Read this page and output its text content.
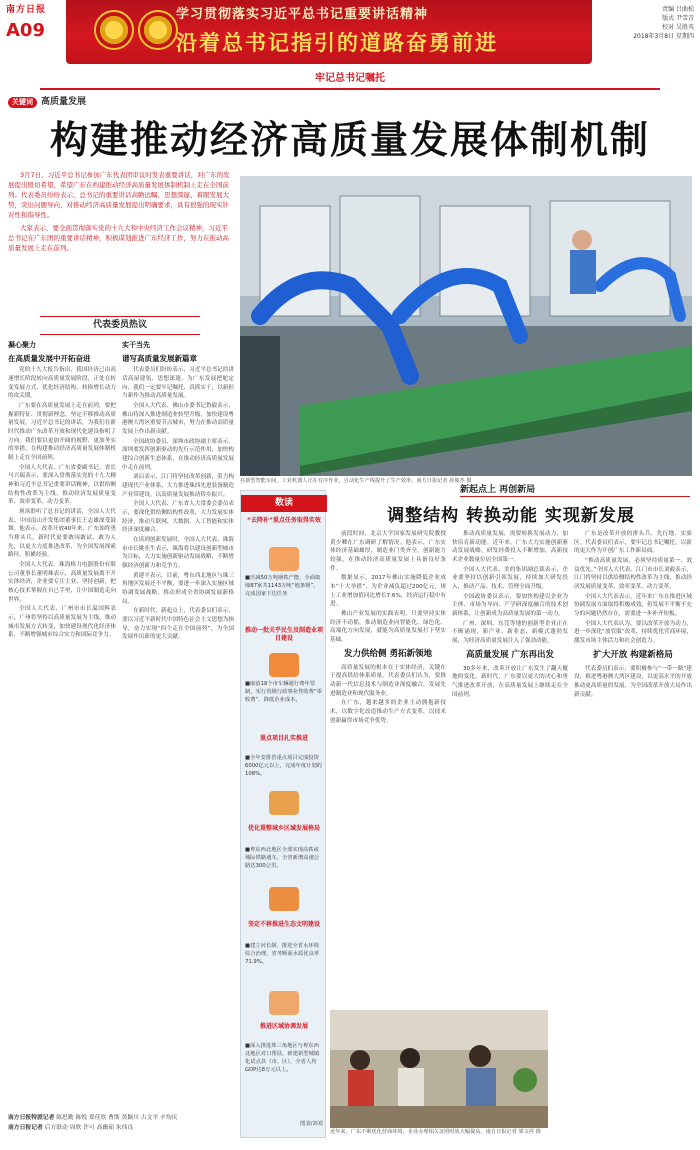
南方日报
A09
学习贯彻落实习近平总书记重要讲话精神
沿着总书记指引的道路奋勇前进
责编 吕曲松
版式 尹雪青
校对 吴胜英
2018年3月8日 星期四
牢记总书记嘱托
关键词 高质量发展
构建推动经济高质量发展体制机制

3月7日，习近平总书记参加广东代表团审议时发表重要讲话，对广东的发展提出殷切希望，希望广东在构建推动经济高质量发展体制机制上走在全国前列。代表委员纷纷表示，总书记的重要讲话高瞻远瞩、思想深邃、着眼发展大势，突出问题导向，对推动经济高质量发展提出明确要求，具有很强的现实针对性和指导性。

大家表示，要全面贯彻落实党的十九大和中央经济工作会议精神，习近平总书记在广东团的重要讲话精神，积极谋划推进广东经济工作，努力在推动高质量发展上走在前列。

代表委员热议
凝心聚力
在高质量发展中开拓奋进

党的十九大报告指出，我国经济已由高速增长阶段转向高质量发展阶段，正处在转变发展方式、优化经济结构、转换增长动力的攻关期。

广东要在高质量发展上走在前列，要把握新特征、贯彻新理念，坚定不移推动高质量发展。习近平总书记的讲话，为我们在新时代推动广东改革开放和现代化建设指明了方向。我们要以更加开阔的视野、更加务实的举措，在构建推动经济高质量发展体制机制上走在全国前列。

全国人大代表、广东省委副书记、省长马兴瑞表示，要深入贯彻落实党的十九大精神和习近平总书记重要讲话精神，以供给侧结构性改革为主线，推动经济发展质量变革、效率变革、动力变革。

现场聆听了总书记的讲话，全国人大代表、中国南山开发集团董事长王志雄深受鼓舞。他表示，改革开放40年来，广东始终勇当排头兵，新时代更要敢闯敢试、敢为人先，以更大力度推进改革，为全国发展探索路径、积累经验。

全国人大代表、珠海格力电器股份有限公司董事长董明珠表示，高质量发展离不开实体经济，企业要专注主业、坚持创新，把核心技术掌握在自己手里，让中国制造走向世界。

全国人大代表、广州市市长温国辉表示，广州将坚持以高质量发展为主线，推动城市发展方式转变，加快建设现代化经济体系，不断增强城市综合实力和国际竞争力。

实干当先
谱写高质量发展新篇章

代表委员们纷纷表示，习近平总书记的讲话高屋建瓴、思想深邃，为广东发展把舵定向，我们一定要牢记嘱托、真抓实干，以新担当新作为推动高质量发展。

全国人大代表、佛山市委书记鲁毅表示，佛山将深入推进制造业转型升级，加快建设粤港澳大湾区重要节点城市，努力在推动高质量发展上作出新贡献。

全国政协委员、深圳市政协副主席表示，深圳要发挥创新驱动的先行示范作用，加快构建综合创新生态体系，在推动经济高质量发展中走在前列。

刘启表示，江门将坚持改革创新，着力构建现代产业体系，大力推进珠西先进装备制造产业带建设，以高质量发展推动侨乡振兴。

全国人大代表、广东省人大常委会委员表示，要深化供给侧结构性改革，大力发展实体经济，推动互联网、大数据、人工智能和实体经济深度融合。

在谈到创新发展时，全国人大代表、珠海市市长姚奕生表示，珠海将以建设创新型城市为目标，大力实施创新驱动发展战略，不断增强经济创新力和竞争力。

黄建平表示，目前，粤东西北地区与珠三角地区发展还不平衡，要进一步深入实施区域协调发展战略，推动形成全省协调发展新格局。

在新时代、新起点上，代表委员们表示，要以习近平新时代中国特色社会主义思想为指导，奋力实现“四个走在全国前列”，为全国发展作出新的更大贡献。

在新型智能车间，工业机器人正在有序作业，自动化生产线提升了生产效率。南方日报记者 孙俊杰 摄
数读
“去降补”重点任务取得实效
■压减50万吨钢铁产能，全面取缔87家共1143万吨“地条钢”，完成国家下达任务
推动一批关乎民生及制造业项目建设
■取消18个市车辆通行费年票制，实行省级行政事业性收费“零收费”，降低企业成本。
重点项目扎实推进
■全年安排省重点项目完成投资6000亿元以上，完成年度计划的108%。
优化重整城乡区域发展格局
■粤东西北地区全部实现高铁或城际铁路通车，全省新增高速公路达300公里。
坚定不移推进生态文明建设
■建立河长制，推进全省水环境综合治理，省考断面水质优良率71.9%。
推进区域协调发展
■深入推进珠三角地区与粤东西北地区对口帮扶，新建新型城镇化试点县（市、区），全省人均GDP达8万元以上。
图表/刘邓
新起点上 再创新局
调整结构 转换动能 实现新发展

前段时间，北京大学国家发展研究院教授黄少卿在广东调研了解情况。他表示，广东实体经济基础雄厚，制造业门类齐全，创新能力较强，在推动经济高质量发展上具备良好条件。

数据显示，2017年佛山实施降低企业成本“十大举措”，为企业减负超过200亿元，规上工业增加值同比增长7.6%，经济运行稳中有进。

佛山产业发展的实践表明，只要坚持实体经济不动摇，推动制造业向智能化、绿色化、高端化方向发展，就能为高质量发展打下坚实基础。

发力供给侧 勇拓新领地

高质量发展的根本在于实体经济，关键在于提高供给体系质量。代表委员们认为，要推动新一代信息技术与制造业深度融合，发展先进制造业和现代服务业。

在广东，越来越多的企业主动拥抱新技术，以数字化改造推动生产方式变革，以技术创新赢得市场竞争优势。

推动高质量发展，需要转换发展动力，加快培育新动能。近年来，广东大力实施创新驱动发展战略，研发经费投入不断增加，高新技术企业数量位居全国第一。

全国人大代表、美的集团副总裁表示，企业要坚持以创新引领发展，持续加大研发投入，推动产品、技术、管理全面升级。

全国政协委员表示，要加快构建以企业为主体、市场为导向、产学研深度融合的技术创新体系，让创新成为高质量发展的第一动力。

广州、深圳、东莞等地的创新型企业正在不断涌现，新产业、新业态、新模式蓬勃发展，为经济高质量发展注入了强劲动能。

高质量发展 广东再出发

30多年来，改革开放让广东发生了翻天覆地的变化。新时代，广东要以更大的决心和勇气推进改革开放，在高质量发展上继续走在全国前列。

广东是改革开放的排头兵、先行地、实验区。代表委员们表示，要牢记总书记嘱托，以新的更大作为开创广东工作新局面。

“推动高质量发展，必须坚持质量第一、效益优先。”全国人大代表、江门市市长刘毅表示，江门将坚持以供给侧结构性改革为主线，推动经济发展质量变革、效率变革、动力变革。

全国人大代表表示，近年来广东在推进区域协调发展方面取得积极成效，但发展不平衡不充分的问题仍然存在，需要进一步补齐短板。

全国人大代表认为，要以改革开放为动力，进一步深化“放管服”改革，持续优化营商环境，激发市场主体活力和社会创造力。

扩大开放 构建新格局

代表委员们表示，要积极参与“一带一路”建设，推进粤港澳大湾区建设，以更高水平的开放推动更高质量的发展，为全国改革开放大局作出新贡献。

近年来，广东不断优化营商环境，企业办理相关证照时效大幅提高。南方日报记者 梁文祥 摄
南方日报特派记者 陈思勤 陈悦 郑佳欣 曹斯 黄颖川 古文平 辛均庆
南方日报记者 后方联动 周欣 许可 高幽茹 朱伟良
